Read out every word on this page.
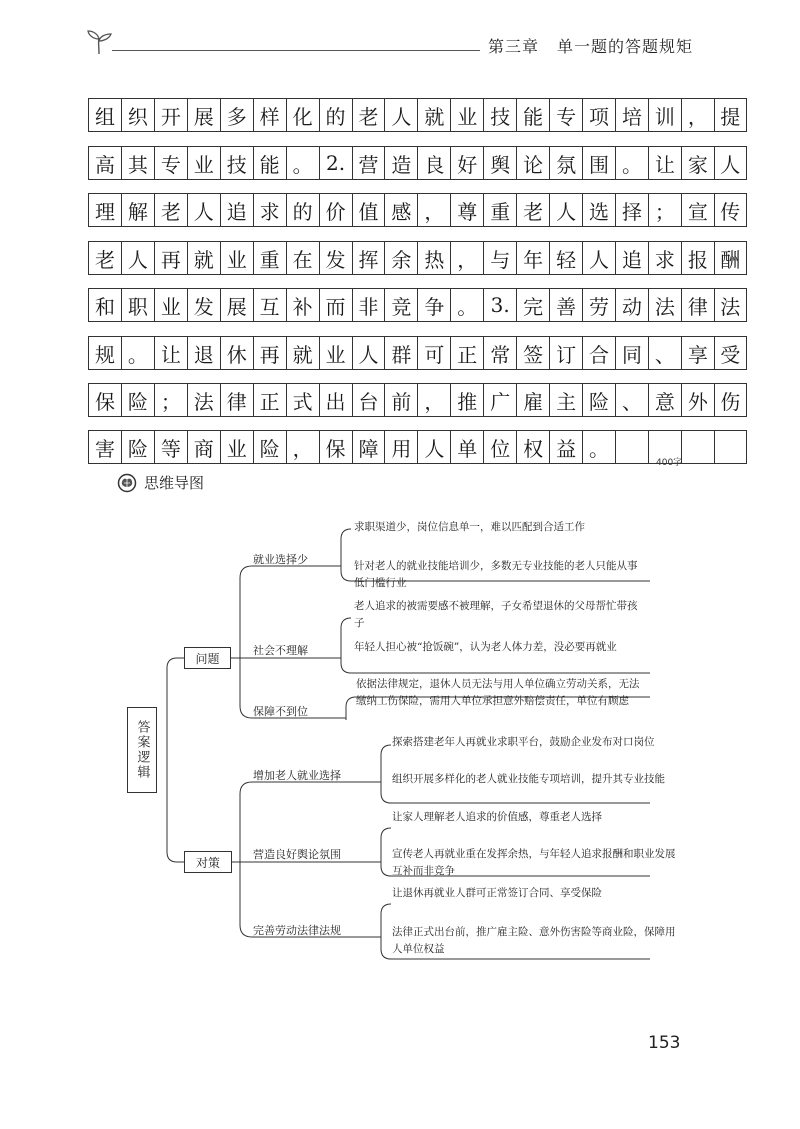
第三章 单一题的答题规矩
组 织 开 展 多 样 化 的 老 人 就 业 技 能 专 项 培 训 ， 提
高 其 专 业 技 能 。 2. 营 造 良 好 舆 论 氛 围 。 让 家 人
理 解 老 人 追 求 的 价 值 感 ， 尊 重 老 人 选 择 ； 宣 传
老 人 再 就 业 重 在 发 挥 余 热 ， 与 年 轻 人 追 求 报 酬
和 职 业 发 展 互 补 而 非 竞 争 。 3. 完 善 劳 动 法 律 法
规 。 让 退 休 再 就 业 人 群 可 正 常 签 订 合 同 、 享 受
保 险 ； 法 律 正 式 出 台 前 ， 推 广 雇 主 险 、 意 外 伤
害 险 等 商 业 险 ， 保 障 用 人 单 位 权 益 。
400字
思维导图
答案逻辑
问题
对策
就业选择少
社会不理解
保障不到位
增加老人就业选择
营造良好舆论氛围
完善劳动法律法规
求职渠道少，岗位信息单一，难以匹配到合适工作
针对老人的就业技能培训少，多数无专业技能的老人只能从事低门槛行业
老人追求的被需要感不被理解，子女希望退休的父母帮忙带孩子
年轻人担心被“抢饭碗”，认为老人体力差，没必要再就业
依据法律规定，退休人员无法与用人单位确立劳动关系，无法缴纳工伤保险，需用人单位承担意外赔偿责任，单位有顾虑
探索搭建老年人再就业求职平台，鼓励企业发布对口岗位
组织开展多样化的老人就业技能专项培训，提升其专业技能
让家人理解老人追求的价值感，尊重老人选择
宣传老人再就业重在发挥余热，与年轻人追求报酬和职业发展互补而非竞争
让退休再就业人群可正常签订合同、享受保险
法律正式出台前，推广雇主险、意外伤害险等商业险，保障用人单位权益
153
